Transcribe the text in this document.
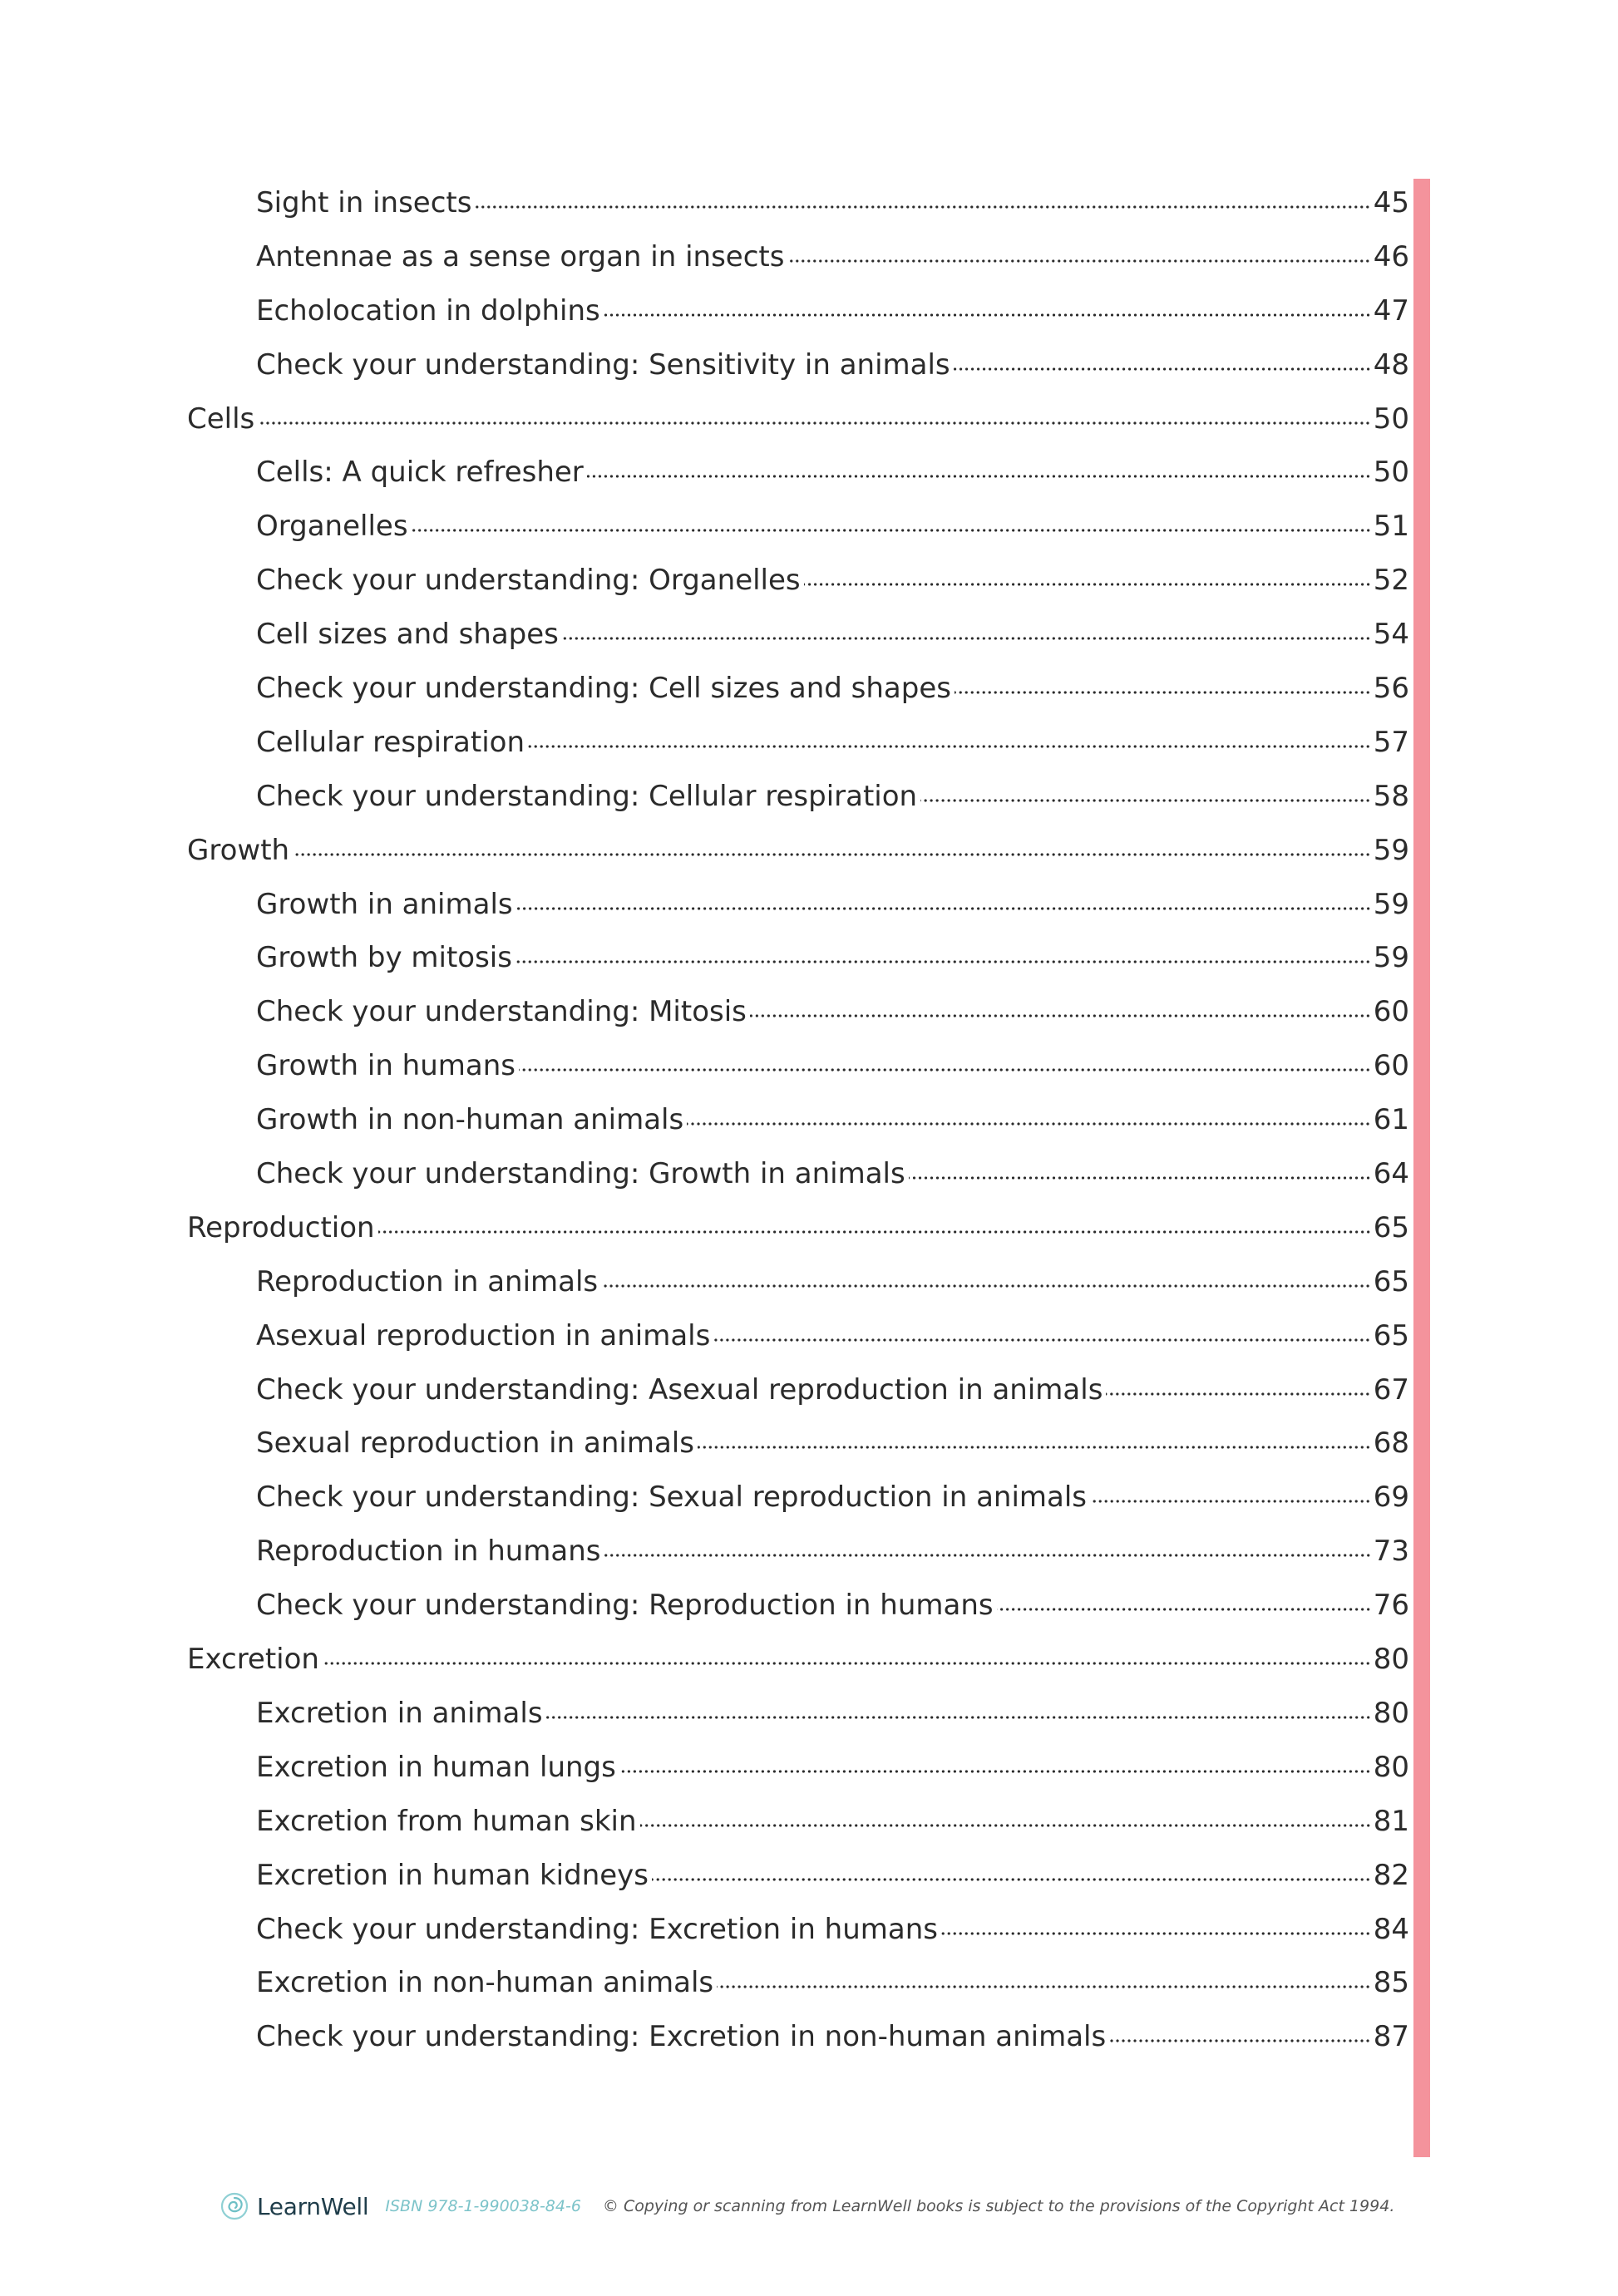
Sight in insects	45
Antennae as a sense organ in insects	46
Echolocation in dolphins	47
Check your understanding: Sensitivity in animals	48
Cells	50
Cells: A quick refresher	50
Organelles	51
Check your understanding: Organelles	52
Cell sizes and shapes	54
Check your understanding: Cell sizes and shapes	56
Cellular respiration	57
Check your understanding: Cellular respiration	58
Growth	59
Growth in animals	59
Growth by mitosis	59
Check your understanding: Mitosis	60
Growth in humans	60
Growth in non-human animals	61
Check your understanding: Growth in animals	64
Reproduction	65
Reproduction in animals	65
Asexual reproduction in animals	65
Check your understanding: Asexual reproduction in animals	67
Sexual reproduction in animals	68
Check your understanding: Sexual reproduction in animals	69
Reproduction in humans	73
Check your understanding: Reproduction in humans	76
Excretion	80
Excretion in animals	80
Excretion in human lungs	80
Excretion from human skin	81
Excretion in human kidneys	82
Check your understanding: Excretion in humans	84
Excretion in non-human animals	85
Check your understanding: Excretion in non-human animals	87
LearnWell ISBN 978-1-990038-84-6 © Copying or scanning from LearnWell books is subject to the provisions of the Copyright Act 1994.
